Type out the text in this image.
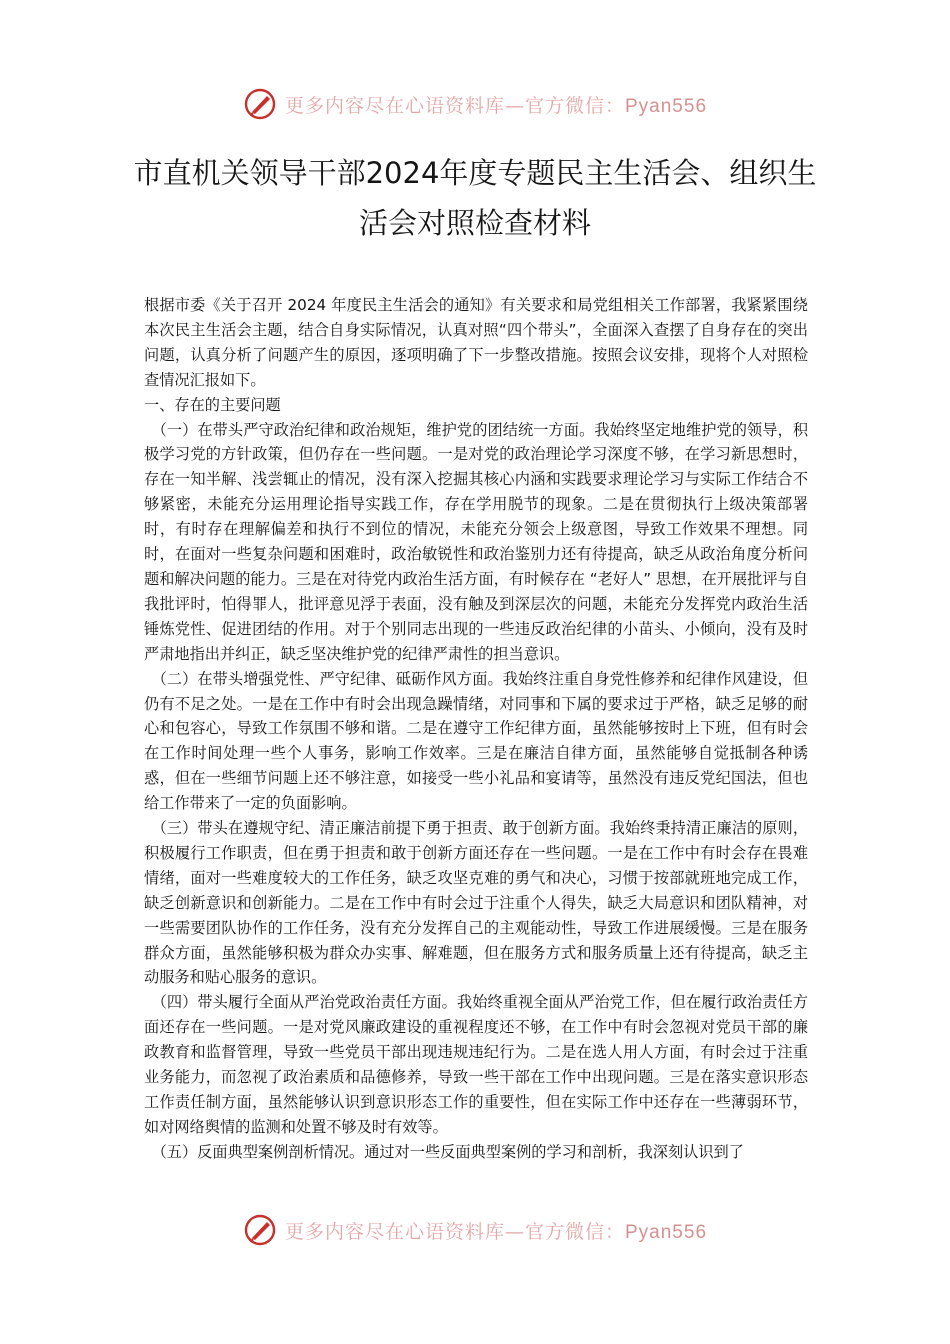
更多内容尽在心语资料库—官方微信：Pyan556
市直机关领导干部2024年度专题民主生活会、组织生活会对照检查材料

根据市委《关于召开 2024 年度民主生活会的通知》有关要求和局党组相关工作部署，我紧紧围绕本次民主生活会主题，结合自身实际情况，认真对照“四个带头”，全面深入查摆了自身存在的突出问题，认真分析了问题产生的原因，逐项明确了下一步整改措施。按照会议安排，现将个人对照检查情况汇报如下。

一、存在的主要问题

（一）在带头严守政治纪律和政治规矩，维护党的团结统一方面。我始终坚定地维护党的领导，积极学习党的方针政策，但仍存在一些问题。一是对党的政治理论学习深度不够，在学习新思想时，存在一知半解、浅尝辄止的情况，没有深入挖掘其核心内涵和实践要求理论学习与实际工作结合不够紧密，未能充分运用理论指导实践工作，存在学用脱节的现象。二是在贯彻执行上级决策部署时，有时存在理解偏差和执行不到位的情况，未能充分领会上级意图，导致工作效果不理想。同时，在面对一些复杂问题和困难时，政治敏锐性和政治鉴别力还有待提高，缺乏从政治角度分析问题和解决问题的能力。三是在对待党内政治生活方面，有时候存在 “老好人” 思想，在开展批评与自我批评时，怕得罪人，批评意见浮于表面，没有触及到深层次的问题，未能充分发挥党内政治生活锤炼党性、促进团结的作用。对于个别同志出现的一些违反政治纪律的小苗头、小倾向，没有及时严肃地指出并纠正，缺乏坚决维护党的纪律严肃性的担当意识。

（二）在带头增强党性、严守纪律、砥砺作风方面。我始终注重自身党性修养和纪律作风建设，但仍有不足之处。一是在工作中有时会出现急躁情绪，对同事和下属的要求过于严格，缺乏足够的耐心和包容心，导致工作氛围不够和谐。二是在遵守工作纪律方面，虽然能够按时上下班，但有时会在工作时间处理一些个人事务，影响工作效率。三是在廉洁自律方面，虽然能够自觉抵制各种诱惑，但在一些细节问题上还不够注意，如接受一些小礼品和宴请等，虽然没有违反党纪国法，但也给工作带来了一定的负面影响。

（三）带头在遵规守纪、清正廉洁前提下勇于担责、敢于创新方面。我始终秉持清正廉洁的原则，积极履行工作职责，但在勇于担责和敢于创新方面还存在一些问题。一是在工作中有时会存在畏难情绪，面对一些难度较大的工作任务，缺乏攻坚克难的勇气和决心，习惯于按部就班地完成工作，缺乏创新意识和创新能力。二是在工作中有时会过于注重个人得失，缺乏大局意识和团队精神，对一些需要团队协作的工作任务，没有充分发挥自己的主观能动性，导致工作进展缓慢。三是在服务群众方面，虽然能够积极为群众办实事、解难题，但在服务方式和服务质量上还有待提高，缺乏主动服务和贴心服务的意识。

（四）带头履行全面从严治党政治责任方面。我始终重视全面从严治党工作，但在履行政治责任方面还存在一些问题。一是对党风廉政建设的重视程度还不够，在工作中有时会忽视对党员干部的廉政教育和监督管理，导致一些党员干部出现违规违纪行为。二是在选人用人方面，有时会过于注重业务能力，而忽视了政治素质和品德修养，导致一些干部在工作中出现问题。三是在落实意识形态工作责任制方面，虽然能够认识到意识形态工作的重要性，但在实际工作中还存在一些薄弱环节，如对网络舆情的监测和处置不够及时有效等。

（五）反面典型案例剖析情况。通过对一些反面典型案例的学习和剖析，我深刻认识到了

更多内容尽在心语资料库—官方微信：Pyan556
